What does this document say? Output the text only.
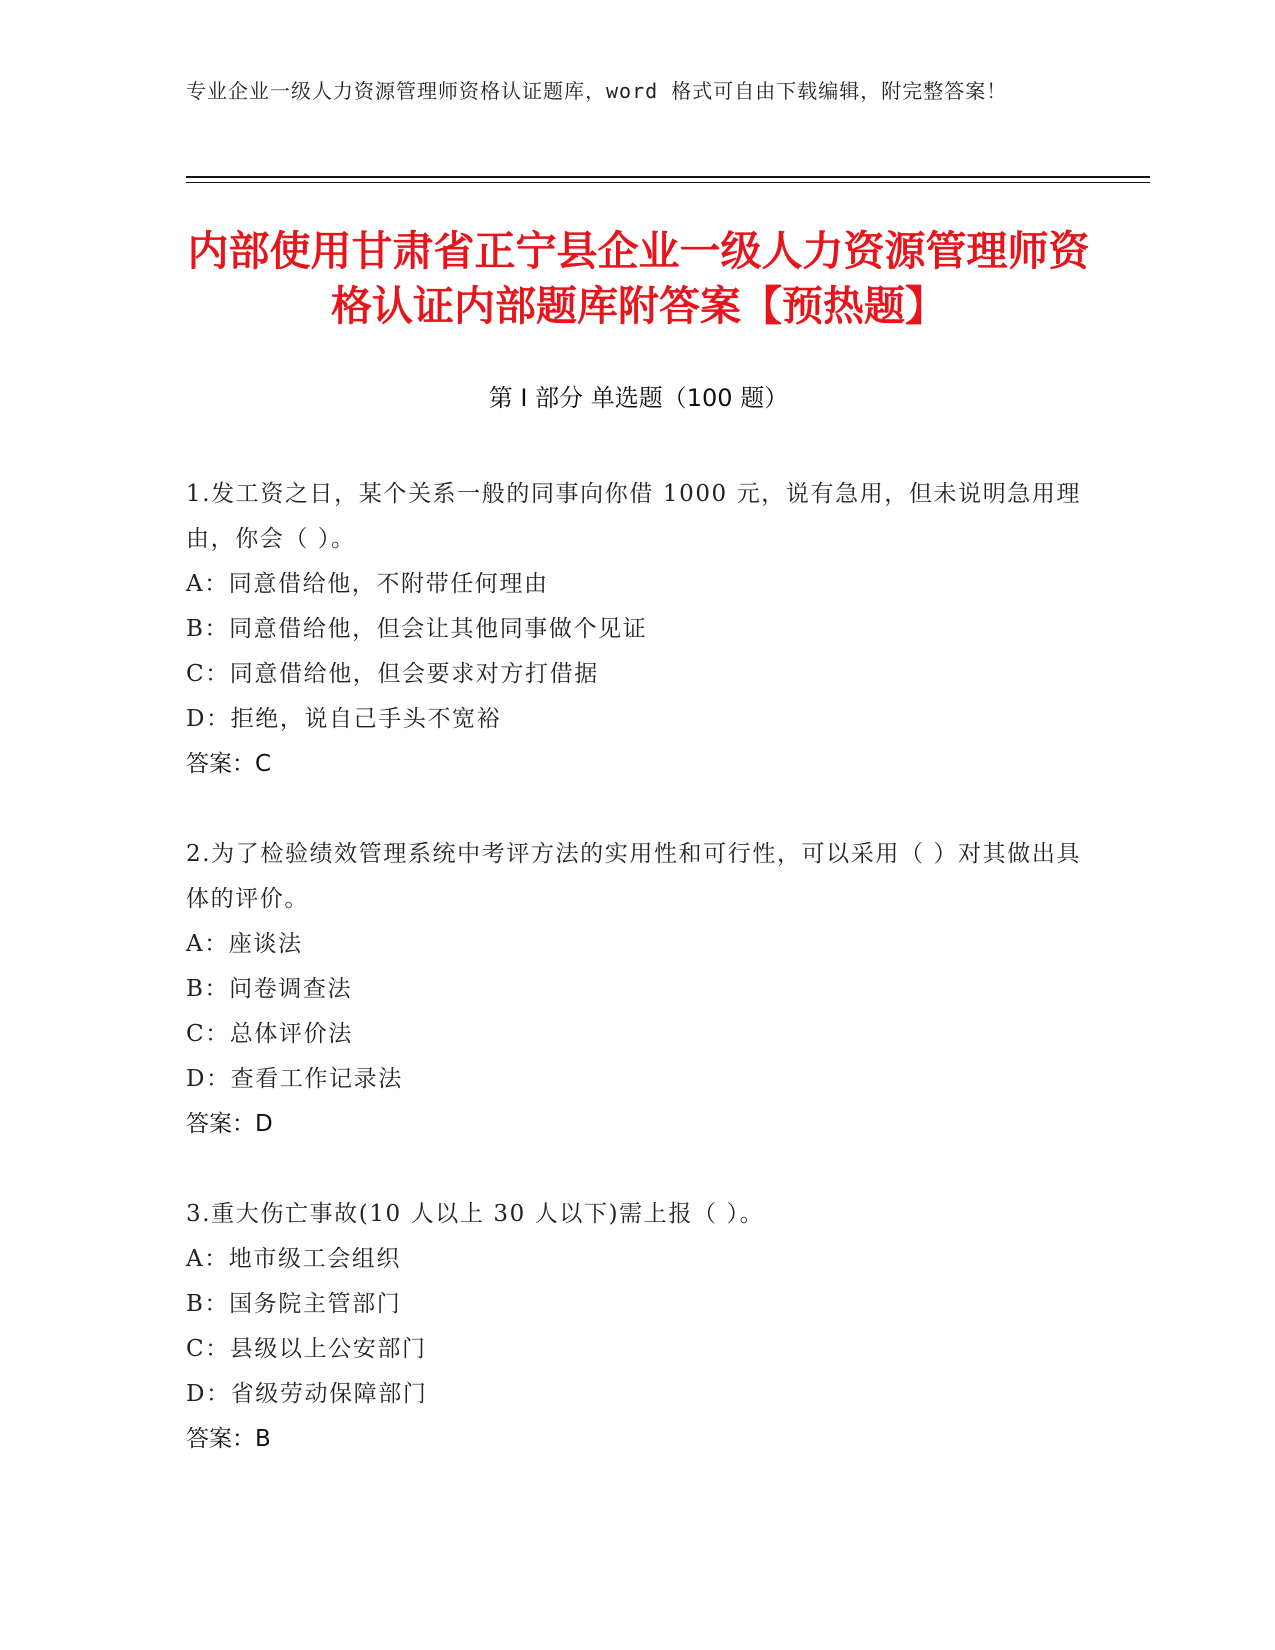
专业企业一级人力资源管理师资格认证题库，word 格式可自由下载编辑，附完整答案！
内部使用甘肃省正宁县企业一级人力资源管理师资格认证内部题库附答案【预热题】
第 I 部分 单选题（100 题）
1.发工资之日，某个关系一般的同事向你借 1000 元，说有急用，但未说明急用理由，你会（ ）。
A：同意借给他，不附带任何理由
B：同意借给他，但会让其他同事做个见证
C：同意借给他，但会要求对方打借据
D：拒绝，说自己手头不宽裕
答案：C
2.为了检验绩效管理系统中考评方法的实用性和可行性，可以采用（ ）对其做出具体的评价。
A：座谈法
B：问卷调查法
C：总体评价法
D：查看工作记录法
答案：D
3.重大伤亡事故(10 人以上 30 人以下)需上报（ ）。
A：地市级工会组织
B：国务院主管部门
C：县级以上公安部门
D：省级劳动保障部门
答案：B
